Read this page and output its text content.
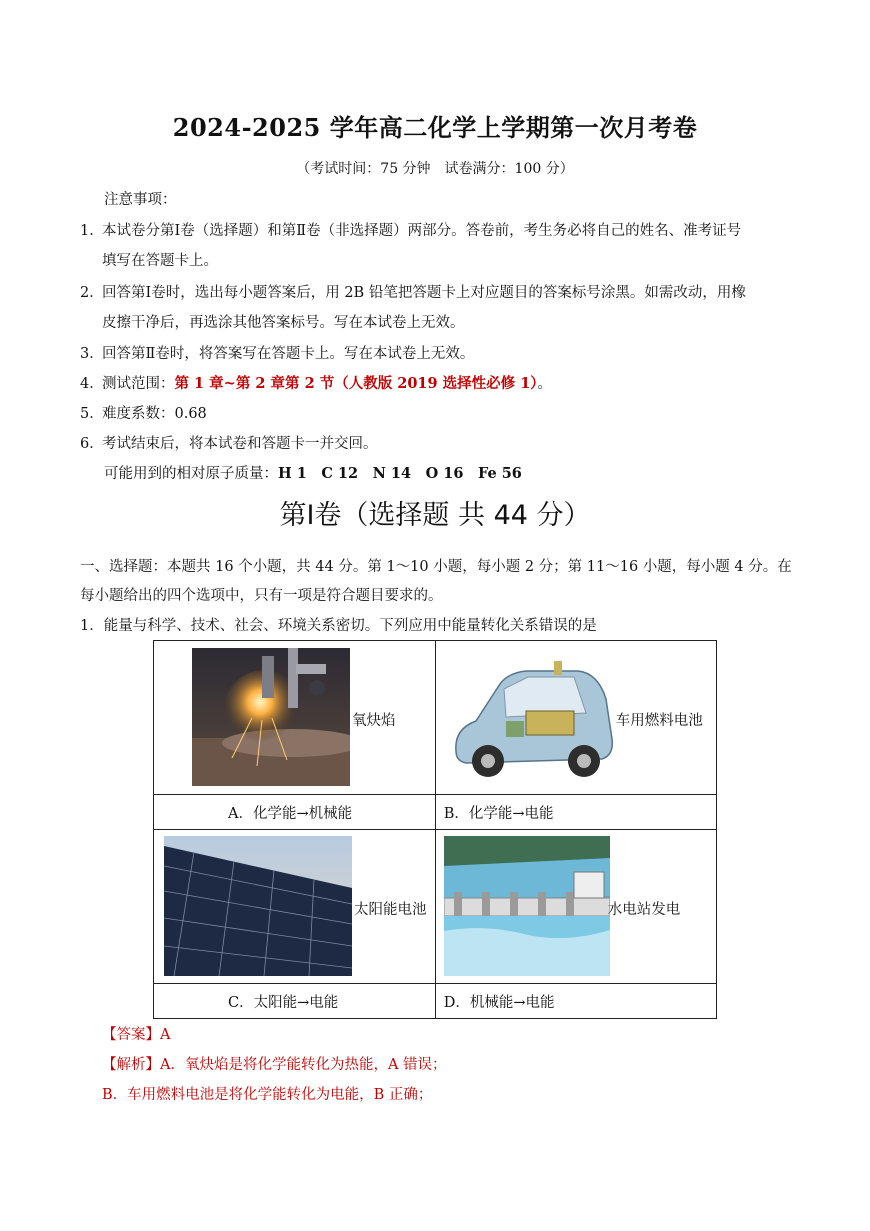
2024-2025 学年高二化学上学期第一次月考卷
（考试时间：75 分钟　试卷满分：100 分）
注意事项：
1．本试卷分第Ⅰ卷（选择题）和第Ⅱ卷（非选择题）两部分。答卷前，考生务必将自己的姓名、准考证号
填写在答题卡上。
2．回答第Ⅰ卷时，选出每小题答案后，用 2B 铅笔把答题卡上对应题目的答案标号涂黑。如需改动，用橡
皮擦干净后，再选涂其他答案标号。写在本试卷上无效。
3．回答第Ⅱ卷时，将答案写在答题卡上。写在本试卷上无效。
4．测试范围：第 1 章~第 2 章第 2 节（人教版 2019 选择性必修 1）。
5．难度系数：0.68
6．考试结束后，将本试卷和答题卡一并交回。
可能用到的相对原子质量：H 1　C 12　N 14　O 16　Fe 56
第Ⅰ卷（选择题 共 44 分）
一、选择题：本题共 16 个小题，共 44 分。第 1～10 小题，每小题 2 分；第 11～16 小题，每小题 4 分。在
每小题给出的四个选项中，只有一项是符合题目要求的。
1．能量与科学、技术、社会、环境关系密切。下列应用中能量转化关系错误的是
氧炔焰	车用燃料电池

A．化学能→机械能	B．化学能→电能

太阳能电池	水电站发电

C．太阳能→电能	D．机械能→电能
【答案】A
【解析】A．氧炔焰是将化学能转化为热能，A 错误；
B．车用燃料电池是将化学能转化为电能，B 正确；
